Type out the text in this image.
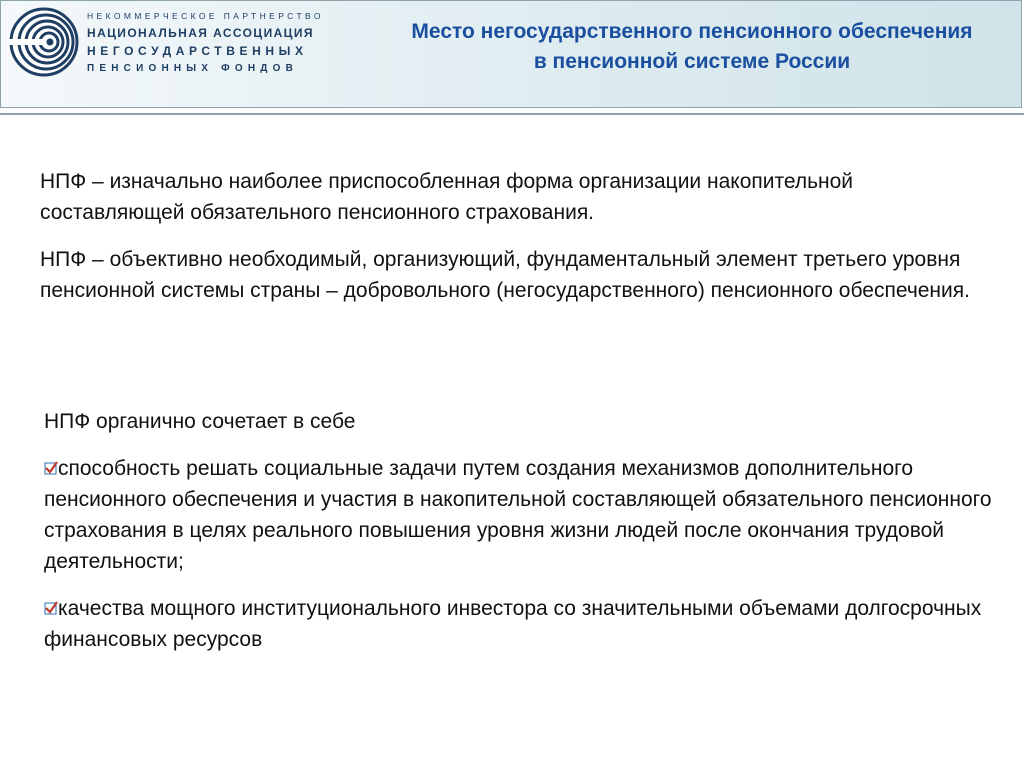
НЕКОММЕРЧЕСКОЕ ПАРТНЕРСТВО
НАЦИОНАЛЬНАЯ АССОЦИАЦИЯ
НЕГОСУДАРСТВЕННЫХ
ПЕНСИОННЫХ ФОНДОВ
Место негосударственного пенсионного обеспечения в пенсионной системе России
НПФ – изначально наиболее приспособленная форма организации накопительной составляющей обязательного пенсионного страхования.
НПФ – объективно необходимый, организующий, фундаментальный элемент третьего уровня пенсионной системы страны – добровольного (негосударственного) пенсионного обеспечения.
НПФ органично сочетает в себе
способность решать социальные задачи путем создания механизмов дополнительного пенсионного обеспечения и участия в накопительной составляющей обязательного пенсионного страхования в целях реального повышения уровня жизни людей после окончания трудовой деятельности;
качества мощного институционального инвестора со значительными объемами долгосрочных финансовых ресурсов
